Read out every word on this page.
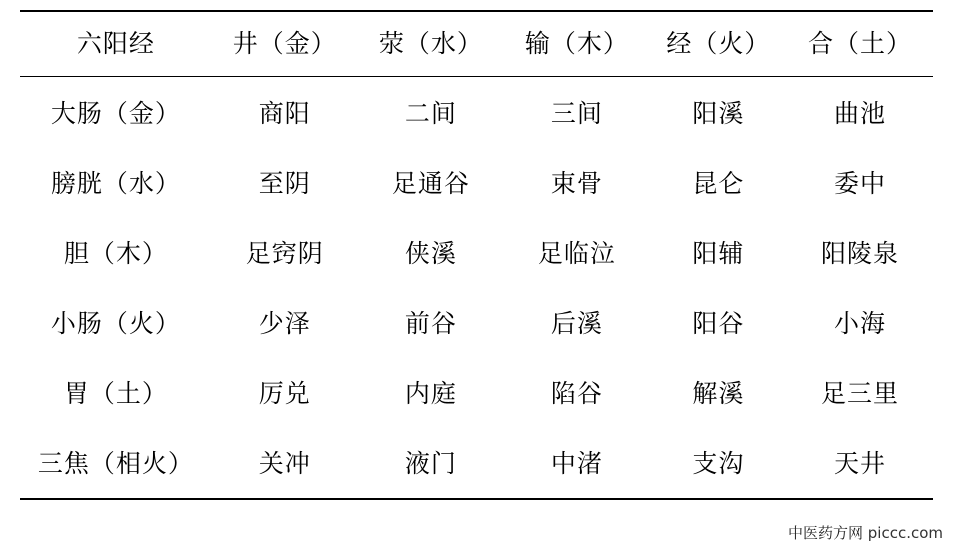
六阳经	井（金）	荥（水）	输（木）	经（火）	合（土）
大肠（金）	商阳	二间	三间	阳溪	曲池
膀胱（水）	至阴	足通谷	束骨	昆仑	委中
胆（木）	足窍阴	侠溪	足临泣	阳辅	阳陵泉
小肠（火）	少泽	前谷	后溪	阳谷	小海
胃（土）	厉兑	内庭	陷谷	解溪	足三里
三焦（相火）	关冲	液门	中渚	支沟	天井
中医药方网 piccc.com
